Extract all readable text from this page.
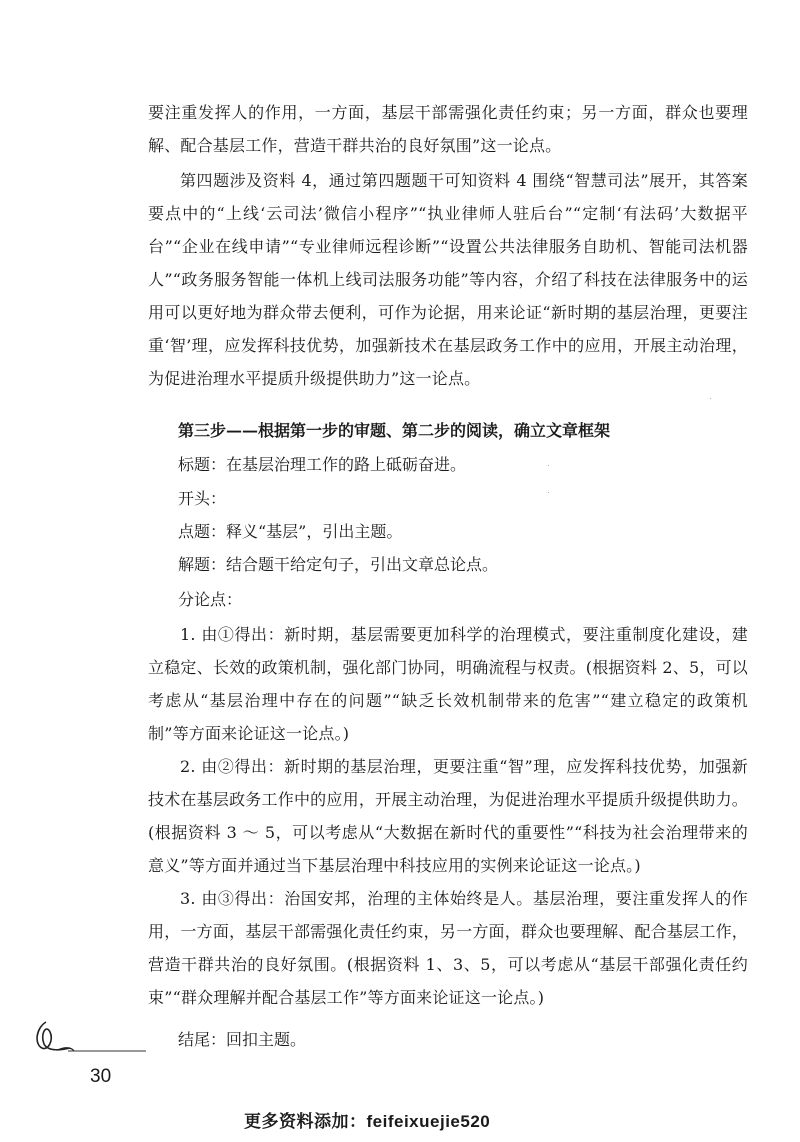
要注重发挥人的作用，一方面，基层干部需强化责任约束；另一方面，群众也要理解、配合基层工作，营造干群共治的良好氛围”这一论点。

第四题涉及资料 4，通过第四题题干可知资料 4 围绕“智慧司法”展开，其答案要点中的“上线‘云司法’微信小程序”“执业律师人驻后台”“定制‘有法码’大数据平台”“企业在线申请”“专业律师远程诊断”“设置公共法律服务自助机、智能司法机器人”“政务服务智能一体机上线司法服务功能”等内容，介绍了科技在法律服务中的运用可以更好地为群众带去便利，可作为论据，用来论证“新时期的基层治理，更要注重‘智’理，应发挥科技优势，加强新技术在基层政务工作中的应用，开展主动治理，为促进治理水平提质升级提供助力”这一论点。

第三步——根据第一步的审题、第二步的阅读，确立文章框架

标题：在基层治理工作的路上砥砺奋进。

开头：

点题：释义“基层”，引出主题。

解题：结合题干给定句子，引出文章总论点。

分论点：

1. 由①得出：新时期，基层需要更加科学的治理模式，要注重制度化建设，建立稳定、长效的政策机制，强化部门协同，明确流程与权责。(根据资料 2、5，可以考虑从“基层治理中存在的问题”“缺乏长效机制带来的危害”“建立稳定的政策机制”等方面来论证这一论点。)

2. 由②得出：新时期的基层治理，更要注重“智”理，应发挥科技优势，加强新技术在基层政务工作中的应用，开展主动治理，为促进治理水平提质升级提供助力。(根据资料 3 ～ 5，可以考虑从“大数据在新时代的重要性”“科技为社会治理带来的意义”等方面并通过当下基层治理中科技应用的实例来论证这一论点。)

3. 由③得出：治国安邦，治理的主体始终是人。基层治理，要注重发挥人的作用，一方面，基层干部需强化责任约束，另一方面，群众也要理解、配合基层工作，营造干群共治的良好氛围。(根据资料 1、3、5，可以考虑从“基层干部强化责任约束”“群众理解并配合基层工作”等方面来论证这一论点。)

结尾：回扣主题。

30
更多资料添加：feifeixuejie520
